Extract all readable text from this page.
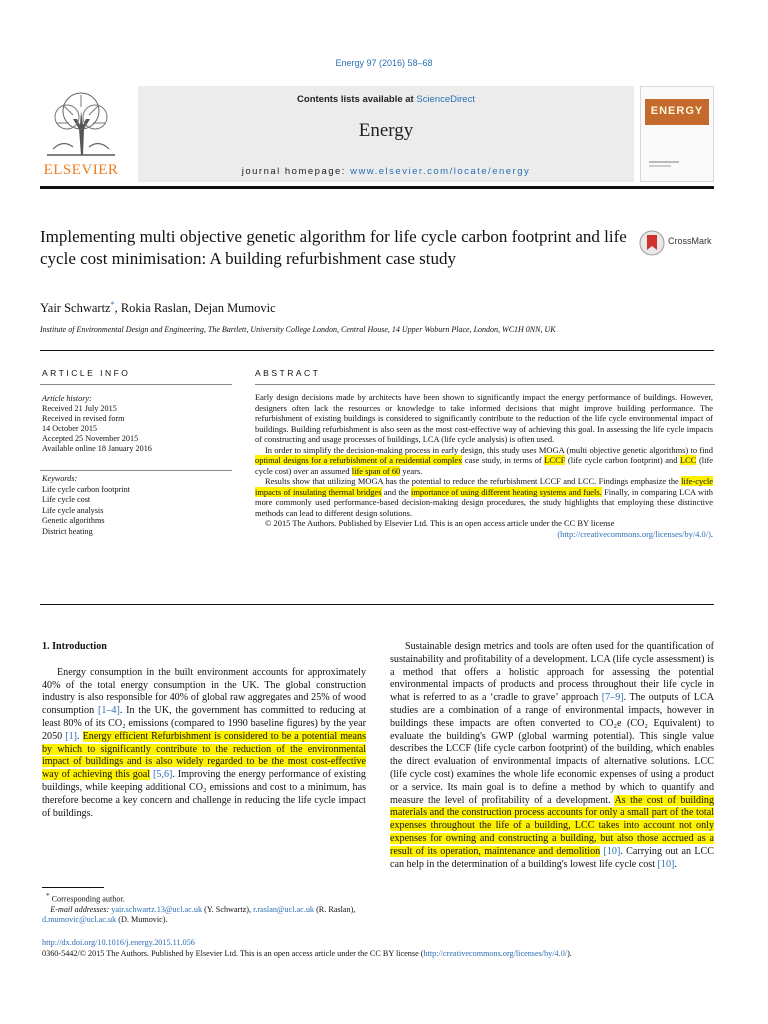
Energy 97 (2016) 58–68
ELSEVIER
Contents lists available at ScienceDirect
Energy
journal homepage: www.elsevier.com/locate/energy
ENERGY
Implementing multi objective genetic algorithm for life cycle carbon footprint and life cycle cost minimisation: A building refurbishment case study
CrossMark
Yair Schwartz*, Rokia Raslan, Dejan Mumovic
Institute of Environmental Design and Engineering, The Bartlett, University College London, Central House, 14 Upper Woburn Place, London, WC1H 0NN, UK
ARTICLE INFO	ABSTRACT
Article history:
Received 21 July 2015
Received in revised form
14 October 2015
Accepted 25 November 2015
Available online 18 January 2016
Keywords:
Life cycle carbon footprint
Life cycle cost
Life cycle analysis
Genetic algorithms
District heating

Early design decisions made by architects have been shown to significantly impact the energy performance of buildings. However, designers often lack the resources or knowledge to take informed decisions that might improve building performance. The refurbishment of existing buildings is considered to significantly contribute to the reduction of the life cycle environmental impact of buildings. Building refurbishment is also seen as the most cost-effective way of achieving this goal. In assessing the life cycle impacts of constructing and usage processes of buildings, LCA (life cycle analysis) is often used.

In order to simplify the decision-making process in early design, this study uses MOGA (multi objective genetic algorithms) to find optimal designs for a refurbishment of a residential complex case study, in terms of LCCF (life cycle carbon footprint) and LCC (life cycle cost) over an assumed life span of 60 years.

Results show that utilizing MOGA has the potential to reduce the refurbishment LCCF and LCC. Findings emphasize the life-cycle impacts of insulating thermal bridges and the importance of using different heating systems and fuels. Finally, in comparing LCA with more commonly used performance-based decision-making design procedures, the study highlights that employing these distinctive methods can lead to different design solutions.

© 2015 The Authors. Published by Elsevier Ltd. This is an open access article under the CC BY license

(http://creativecommons.org/licenses/by/4.0/).

1. Introduction

Energy consumption in the built environment accounts for approximately 40% of the total energy consumption in the UK. The global construction industry is also responsible for 40% of global raw aggregates and 25% of wood consumption [1–4]. In the UK, the government has committed to reducing at least 80% of its CO₂ emissions (compared to 1990 baseline figures) by the year 2050 [1]. Energy efficient Refurbishment is considered to be a potential means by which to significantly contribute to the reduction of the environmental impact of buildings and is also widely regarded to be the most cost-effective way of achieving this goal [5,6]. Improving the energy performance of existing buildings, while keeping additional CO₂ emissions and cost to a minimum, has therefore become a key concern and challenge in reducing the life cycle impact of buildings.

* Corresponding author.
E-mail addresses: yair.schwartz.13@ucl.ac.uk (Y. Schwartz), r.raslan@ucl.ac.uk (R. Raslan), d.mumovic@ucl.ac.uk (D. Mumovic).

Sustainable design metrics and tools are often used for the quantification of sustainability and profitability of a development. LCA (life cycle assessment) is a method that offers a holistic approach for assessing the potential environmental impacts of products and process throughout their life cycle in what is referred to as a ‘cradle to grave’ approach [7–9]. The outputs of LCA studies are a combination of a range of environmental impacts, however in buildings these impacts are often converted to CO₂e (CO₂ Equivalent) to evaluate the building's GWP (global warming potential). This single value describes the LCCF (life cycle carbon footprint) of the building, which enables the direct evaluation of environmental impacts of alternative solutions. LCC (life cycle cost) examines the whole life economic expenses of using a product or a service. Its main goal is to define a method by which to quantify and measure the level of profitability of a development. As the cost of building materials and the construction process accounts for only a small part of the total expenses throughout the life of a building, LCC takes into account not only expenses for owning and constructing a building, but also those accrued as a result of its operation, maintenance and demolition [10]. Carrying out an LCC can help in the determination of a building's lowest life cycle cost [10].

http://dx.doi.org/10.1016/j.energy.2015.11.056
0360-5442/© 2015 The Authors. Published by Elsevier Ltd. This is an open access article under the CC BY license (http://creativecommons.org/licenses/by/4.0/).
